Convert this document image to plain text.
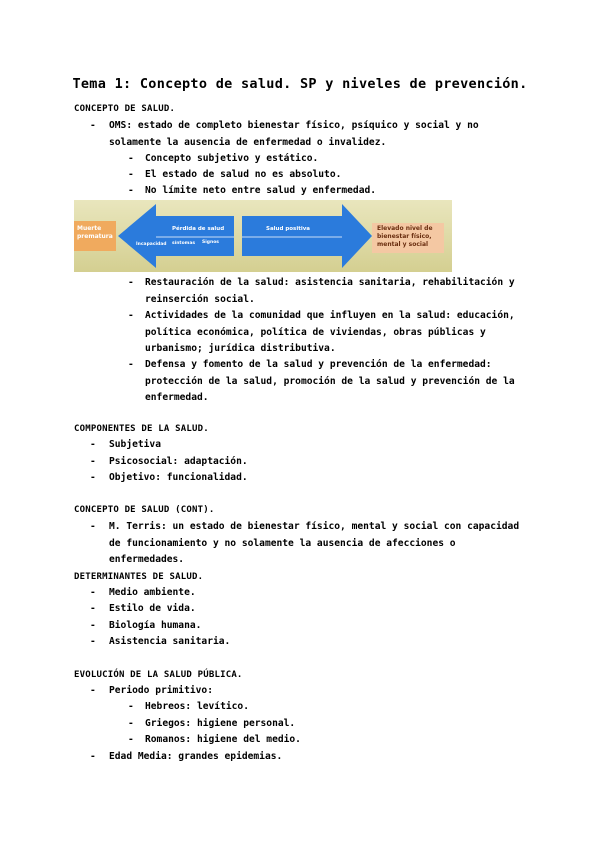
Tema 1: Concepto de salud. SP y niveles de prevención.
CONCEPTO DE SALUD.
- OMS: estado de completo bienestar físico, psíquico y social y no solamente la ausencia de enfermedad o invalidez.
- Concepto subjetivo y estático.
- El estado de salud no es absoluto.
- No límite neto entre salud y enfermedad.
Muerte prematura
Pérdida de salud
Incapacidad síntomas Signos
Salud positiva	Elevado nivel de bienestar físico, mental y social
- Restauración de la salud: asistencia sanitaria, rehabilitación y reinserción social.
- Actividades de la comunidad que influyen en la salud: educación, política económica, política de viviendas, obras públicas y urbanismo; jurídica distributiva.
- Defensa y fomento de la salud y prevención de la enfermedad: protección de la salud, promoción de la salud y prevención de la enfermedad.
COMPONENTES DE LA SALUD.
- Subjetiva
- Psicosocial: adaptación.
- Objetivo: funcionalidad.
CONCEPTO DE SALUD (CONT).
- M. Terris: un estado de bienestar físico, mental y social con capacidad de funcionamiento y no solamente la ausencia de afecciones o enfermedades.
DETERMINANTES DE SALUD.
- Medio ambiente.
- Estilo de vida.
- Biología humana.
- Asistencia sanitaria.
EVOLUCIÓN DE LA SALUD PÚBLICA.
- Periodo primitivo:
- Hebreos: levítico.
- Griegos: higiene personal.
- Romanos: higiene del medio.
- Edad Media: grandes epidemias.
